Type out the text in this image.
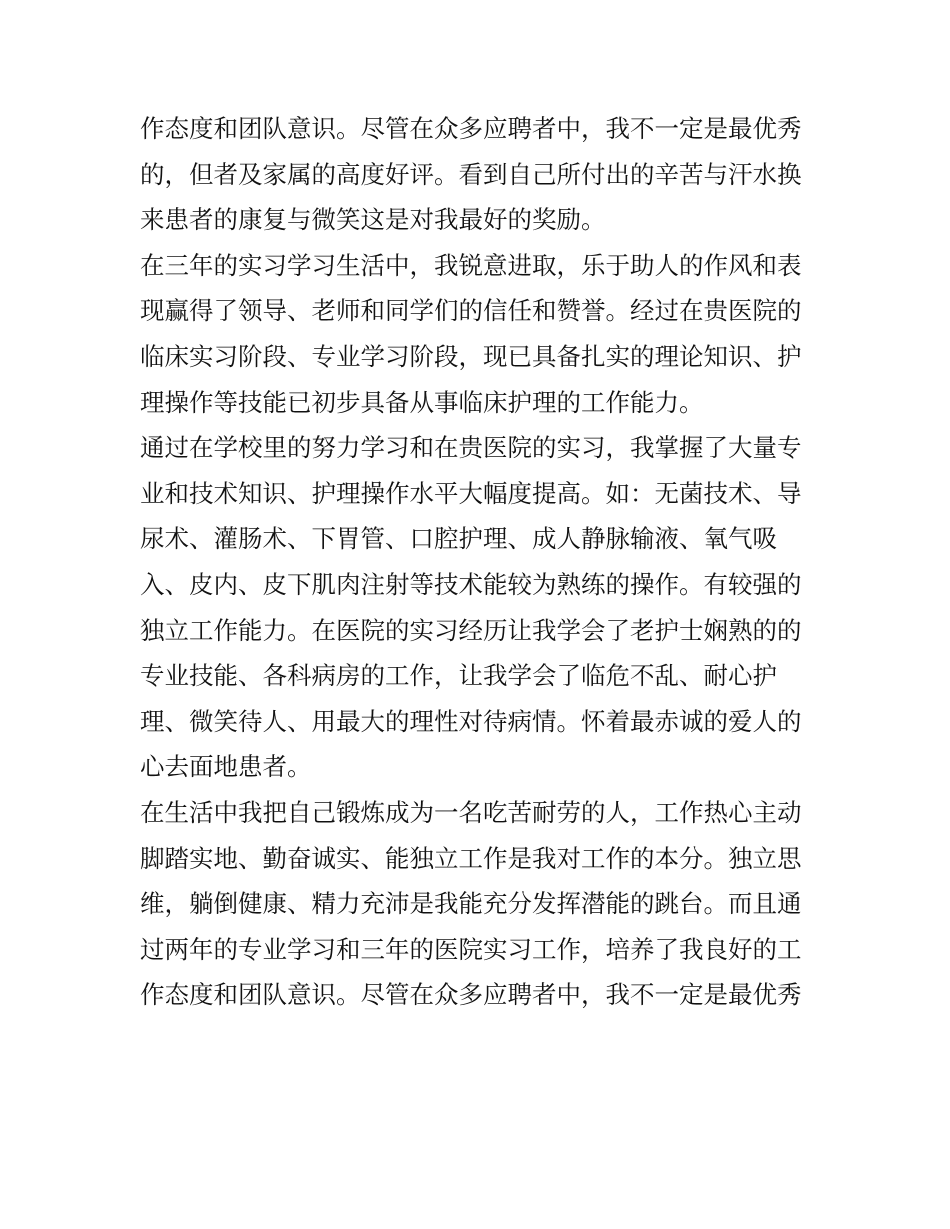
作态度和团队意识。尽管在众多应聘者中，我不一定是最优秀
的，但者及家属的高度好评。看到自己所付出的辛苦与汗水换
来患者的康复与微笑这是对我最好的奖励。
在三年的实习学习生活中，我锐意进取，乐于助人的作风和表
现赢得了领导、老师和同学们的信任和赞誉。经过在贵医院的
临床实习阶段、专业学习阶段，现已具备扎实的理论知识、护
理操作等技能已初步具备从事临床护理的工作能力。
通过在学校里的努力学习和在贵医院的实习，我掌握了大量专
业和技术知识、护理操作水平大幅度提高。如：无菌技术、导
尿术、灌肠术、下胃管、口腔护理、成人静脉输液、氧气吸
入、皮内、皮下肌肉注射等技术能较为熟练的操作。有较强的
独立工作能力。在医院的实习经历让我学会了老护士娴熟的的
专业技能、各科病房的工作，让我学会了临危不乱、耐心护
理、微笑待人、用最大的理性对待病情。怀着最赤诚的爱人的
心去面地患者。
在生活中我把自己锻炼成为一名吃苦耐劳的人，工作热心主动
脚踏实地、勤奋诚实、能独立工作是我对工作的本分。独立思
维，躺倒健康、精力充沛是我能充分发挥潜能的跳台。而且通
过两年的专业学习和三年的医院实习工作，培养了我良好的工
作态度和团队意识。尽管在众多应聘者中，我不一定是最优秀
